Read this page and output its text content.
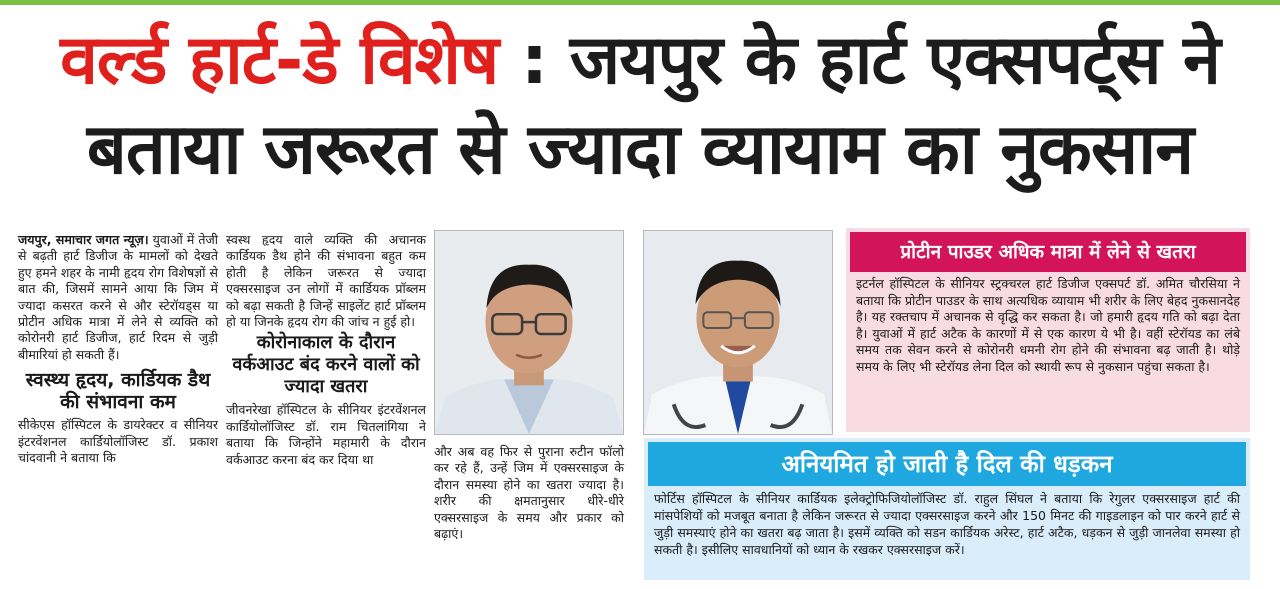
वर्ल्ड हार्ट-डे विशेष : जयपुर के हार्ट एक्सपर्ट्स ने
बताया जरूरत से ज्यादा व्यायाम का नुकसान

जयपुर, समाचार जगत न्यूज़। युवाओं में तेजी से बढ़ती हार्ट डिजीज के मामलों को देखते हुए हमने शहर के नामी हृदय रोग विशेषज्ञों से बात की, जिसमें सामने आया कि जिम में ज्यादा कसरत करने से और स्टेरॉयड्स या प्रोटीन अधिक मात्रा में लेने से व्यक्ति को कोरोनरी हार्ट डिजीज, हार्ट रिदम से जुड़ी बीमारियां हो सकती हैं।

स्वस्थ्य हृदय, कार्डियक डैथ की संभावना कम

सीकेएस हॉस्पिटल के डायरेक्टर व सीनियर इंटरवेंशनल कार्डियोलॉजिस्ट डॉ. प्रकाश चांदवानी ने बताया कि

स्वस्थ हृदय वाले व्यक्ति की अचानक कार्डियक डैथ होने की संभावना बहुत कम होती है लेकिन जरूरत से ज्यादा एक्सरसाइज उन लोगों में कार्डियक प्रॉब्लम को बढ़ा सकती है जिन्हें साइलेंट हार्ट प्रॉब्लम हो या जिनके हृदय रोग की जांच न हुई हो।

कोरोनाकाल के दौरान वर्कआउट बंद करने वालों को ज्यादा खतरा

जीवनरेखा हॉस्पिटल के सीनियर इंटरवेंशनल कार्डियोलॉजिस्ट डॉ. राम चितलांगिया ने बताया कि जिन्होंने महामारी के दौरान वर्कआउट करना बंद कर दिया था

और अब वह फिर से पुराना रुटीन फॉलो कर रहे हैं, उन्हें जिम में एक्सरसाइज के दौरान समस्या होने का खतरा ज्यादा है। शरीर की क्षमतानुसार धीरे-धीरे एक्सरसाइज के समय और प्रकार को बढ़ाएं।

प्रोटीन पाउडर अधिक मात्रा में लेने से खतरा
इटर्नल हॉस्पिटल के सीनियर स्ट्रक्चरल हार्ट डिजीज एक्सपर्ट डॉ. अमित चौरसिया ने बताया कि प्रोटीन पाउडर के साथ अत्यधिक व्यायाम भी शरीर के लिए बेहद नुकसानदेह है। यह रक्तचाप में अचानक से वृद्धि कर सकता है। जो हमारी हृदय गति को बढ़ा देता है। युवाओं में हार्ट अटैक के कारणों में से एक कारण ये भी है। वहीं स्टेरॉयड का लंबे समय तक सेवन करने से कोरोनरी धमनी रोग होने की संभावना बढ़ जाती है। थोड़े समय के लिए भी स्टेरॉयड लेना दिल को स्थायी रूप से नुकसान पहुंचा सकता है।
अनियमित हो जाती है दिल की धड़कन
फोर्टिस हॉस्पिटल के सीनियर कार्डियक इलेक्ट्रोफिजियोलॉजिस्ट डॉ. राहुल सिंघल ने बताया कि रेगुलर एक्सरसाइज हार्ट की मांसपेशियों को मजबूत बनाता है लेकिन जरूरत से ज्यादा एक्सरसाइज करने और 150 मिनट की गाइडलाइन को पार करने हार्ट से जुड़ी समस्याएं होने का खतरा बढ़ जाता है। इसमें व्यक्ति को सडन कार्डियक अरेस्ट, हार्ट अटैक, धड़कन से जुड़ी जानलेवा समस्या हो सकती है। इसीलिए सावधानियों को ध्यान के रखकर एक्सरसाइज करें।
